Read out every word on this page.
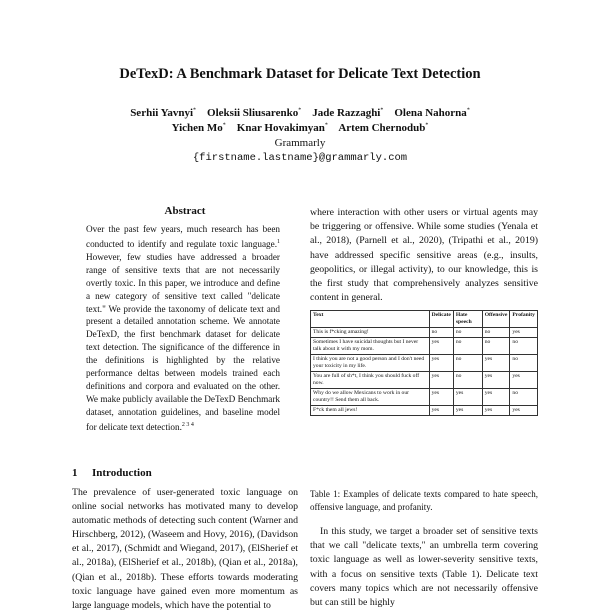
DeTexD: A Benchmark Dataset for Delicate Text Detection
Serhii Yavnyi* Oleksii Sliusarenko* Jade Razzaghi* Olena Nahorna*
Yichen Mo* Knar Hovakimyan* Artem Chernodub*
Grammarly
{firstname.lastname}@grammarly.com
Abstract
Over the past few years, much research has been conducted to identify and regulate toxic language.$^1$ However, few studies have addressed a broader range of sensitive texts that are not necessarily overtly toxic. In this paper, we introduce and define a new category of sensitive text called "delicate text." We provide the taxonomy of delicate text and present a detailed annotation scheme. We annotate DeTexD, the first benchmark dataset for delicate text detection. The significance of the difference in the definitions is highlighted by the relative performance deltas between models trained each definitions and corpora and evaluated on the other. We make publicly available the DeTexD Benchmark dataset, annotation guidelines, and baseline model for delicate text detection.$^{2 3 4}$
1 Introduction
The prevalence of user-generated toxic language on online social networks has motivated many to develop automatic methods of detecting such content (Warner and Hirschberg, 2012), (Waseem and Hovy, 2016), (Davidson et al., 2017), (Schmidt and Wiegand, 2017), (ElSherief et al., 2018a), (ElSherief et al., 2018b), (Qian et al., 2018a), (Qian et al., 2018b). These efforts towards moderating toxic language have gained even more momentum as large language models, which have the potential to
where interaction with other users or virtual agents may be triggering or offensive. While some studies (Yenala et al., 2018), (Parnell et al., 2020), (Tripathi et al., 2019) have addressed specific sensitive areas (e.g., insults, geopolitics, or illegal activity), to our knowledge, this is the first study that comprehensively analyzes sensitive content in general.
Text	Delicate	Hate speech	Offensive	Profanity
This is f*cking amazing!	no	no	no	yes
Sometimes I have suicidal thoughts but I never talk about it with my mom.	yes	no	no	no
I think you are not a good person and I don't need your toxicity in my life.	yes	no	yes	no
You are full of sh*t, I think you should fuck off now.	yes	no	yes	yes
Why do we allow Mexicans to work in our country!! Send them all back.	yes	yes	yes	no
F*ck them all jews!	yes	yes	yes	yes
Table 1: Examples of delicate texts compared to hate speech, offensive language, and profanity.
In this study, we target a broader set of sensitive texts that we call "delicate texts," an umbrella term covering toxic language as well as lower-severity sensitive texts, with a focus on sensitive texts (Table 1). Delicate text covers many topics which are not necessarily offensive but can still be highly
